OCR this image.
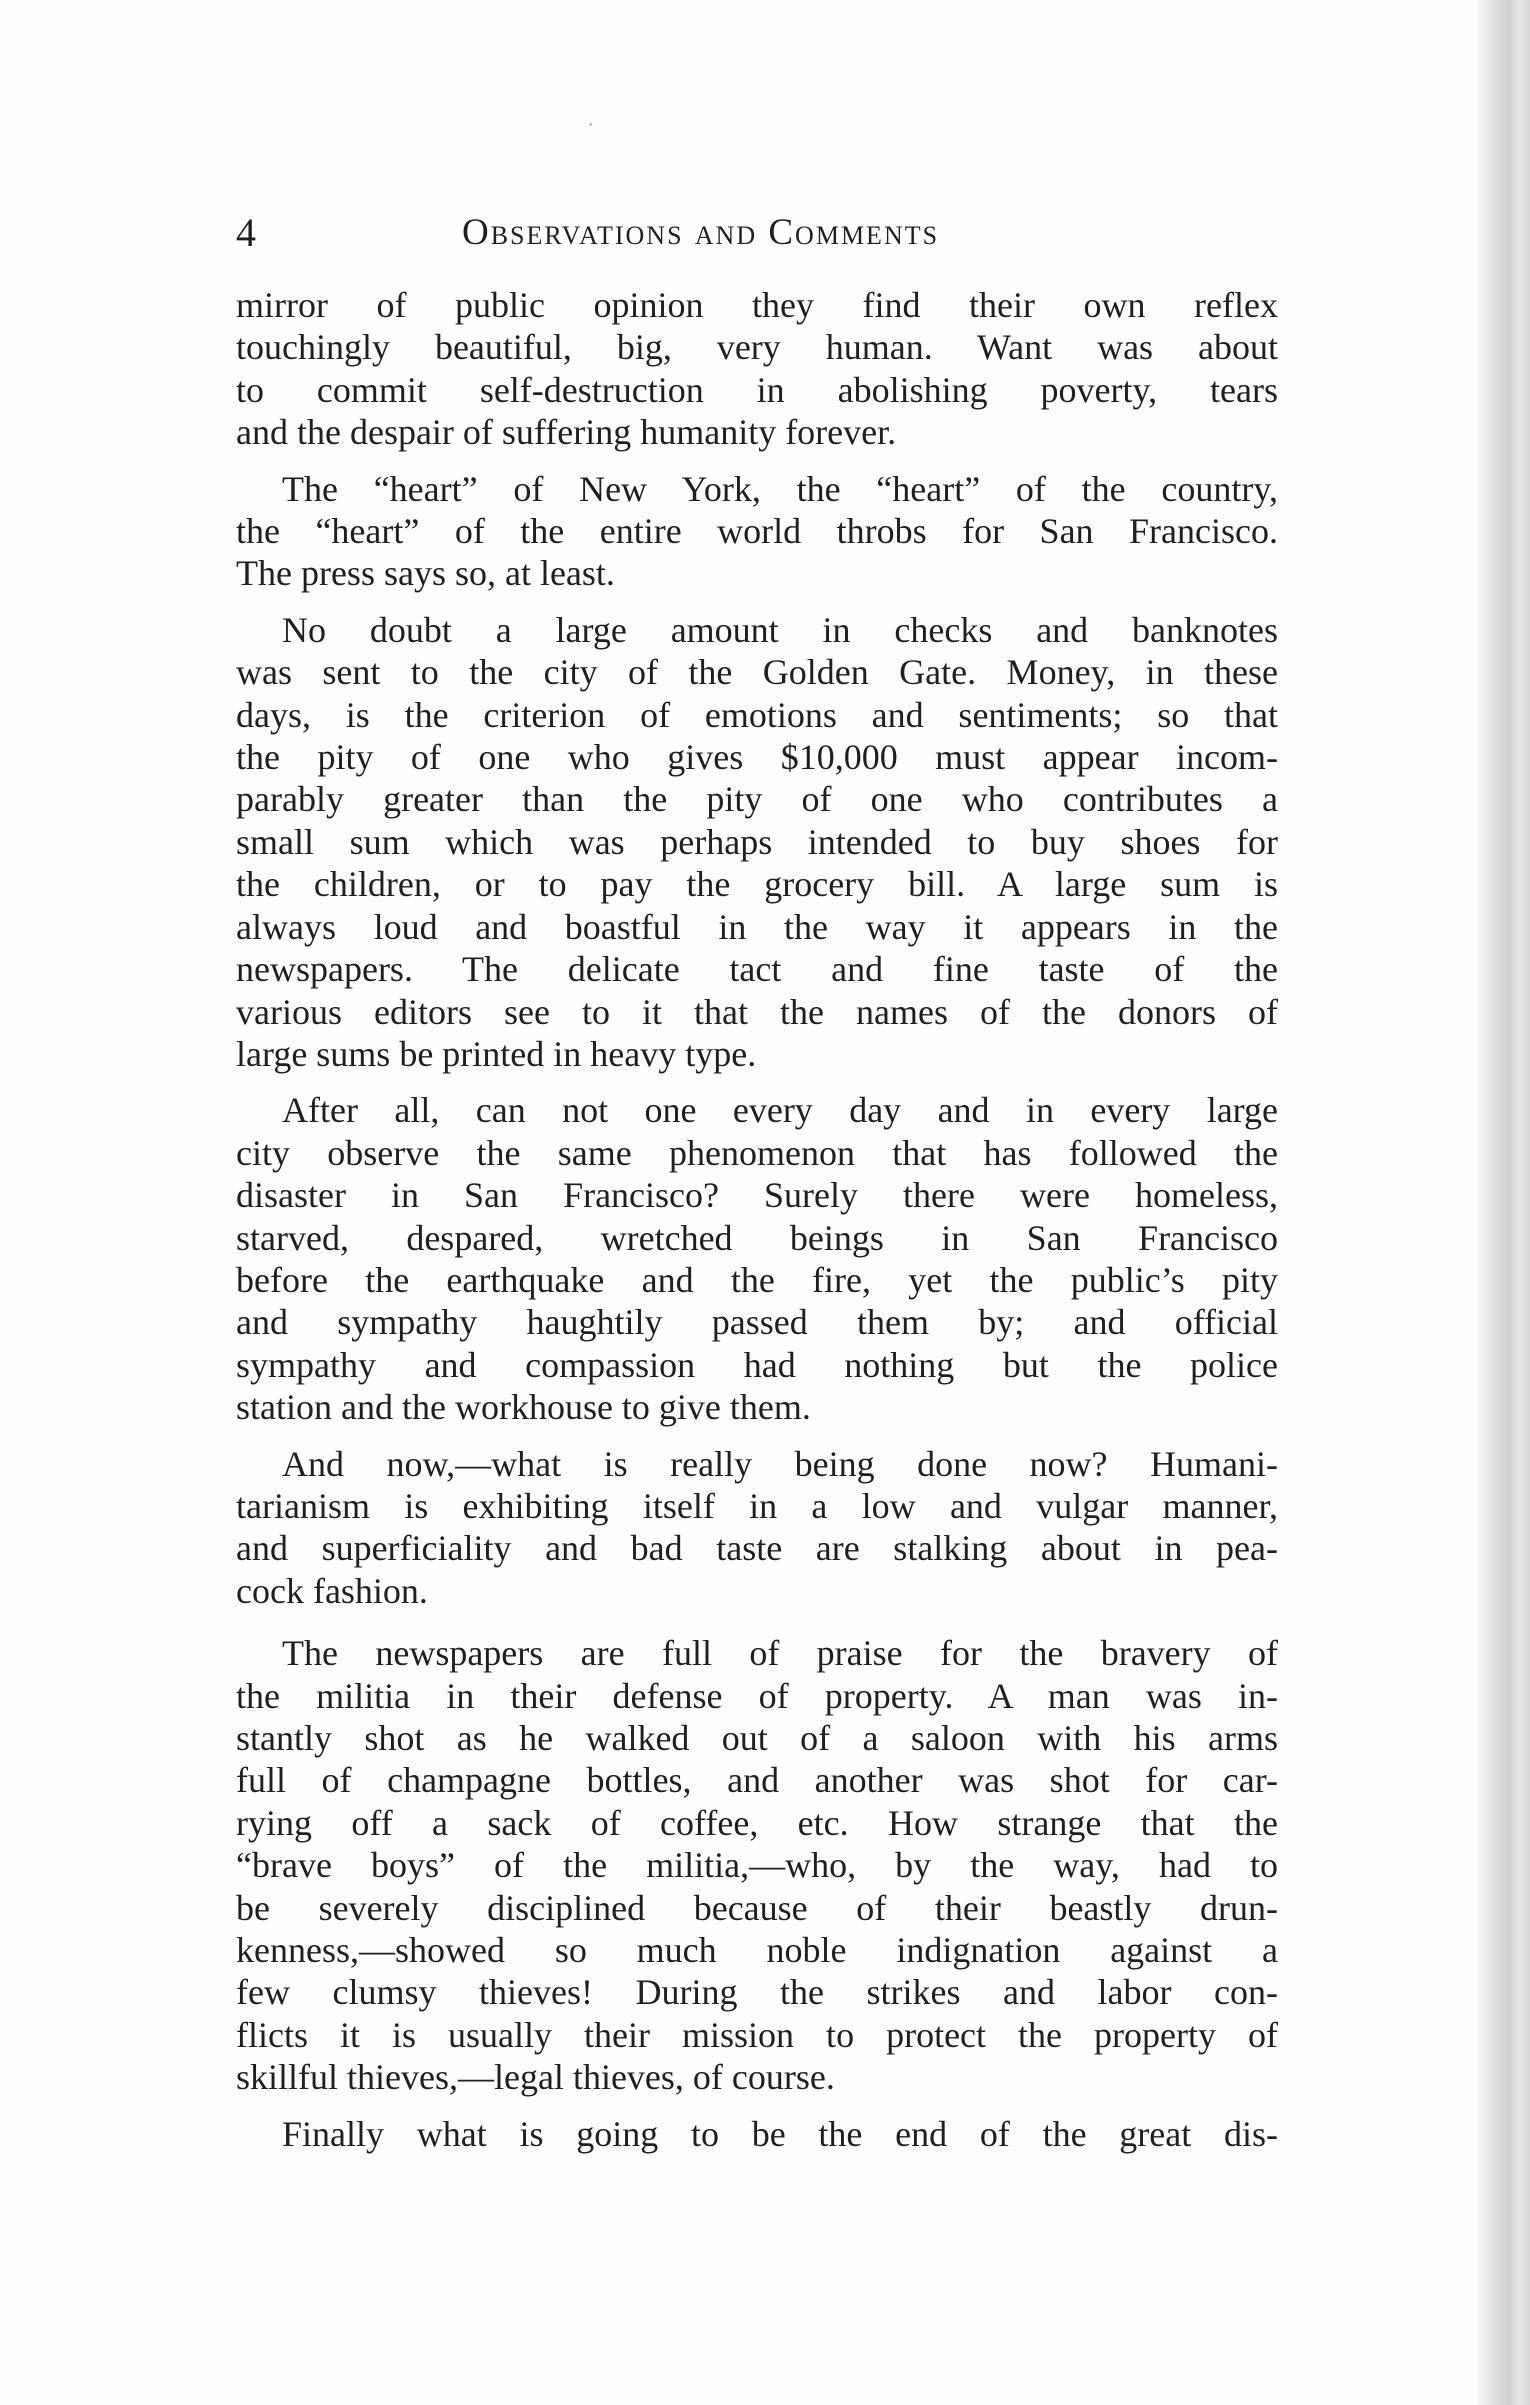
4	Observations and Comments

mirror of public opinion they find their own reflex
touchingly beautiful, big, very human. Want was about
to commit self-destruction in abolishing poverty, tears
and the despair of suffering humanity forever.

The “heart” of New York, the “heart” of the country,
the “heart” of the entire world throbs for San Francisco.
The press says so, at least.

No doubt a large amount in checks and banknotes
was sent to the city of the Golden Gate. Money, in these
days, is the criterion of emotions and sentiments; so that
the pity of one who gives $10,000 must appear incom-
parably greater than the pity of one who contributes a
small sum which was perhaps intended to buy shoes for
the children, or to pay the grocery bill. A large sum is
always loud and boastful in the way it appears in the
newspapers. The delicate tact and fine taste of the
various editors see to it that the names of the donors of
large sums be printed in heavy type.

After all, can not one every day and in every large
city observe the same phenomenon that has followed the
disaster in San Francisco? Surely there were homeless,
starved, despared, wretched beings in San Francisco
before the earthquake and the fire, yet the public’s pity
and sympathy haughtily passed them by; and official
sympathy and compassion had nothing but the police
station and the workhouse to give them.

And now,—what is really being done now? Humani-
tarianism is exhibiting itself in a low and vulgar manner,
and superficiality and bad taste are stalking about in pea-
cock fashion.

The newspapers are full of praise for the bravery of
the militia in their defense of property. A man was in-
stantly shot as he walked out of a saloon with his arms
full of champagne bottles, and another was shot for car-
rying off a sack of coffee, etc. How strange that the
“brave boys” of the militia,—who, by the way, had to
be severely disciplined because of their beastly drun-
kenness,—showed so much noble indignation against a
few clumsy thieves! During the strikes and labor con-
flicts it is usually their mission to protect the property of
skillful thieves,—legal thieves, of course.

Finally what is going to be the end of the great dis-
